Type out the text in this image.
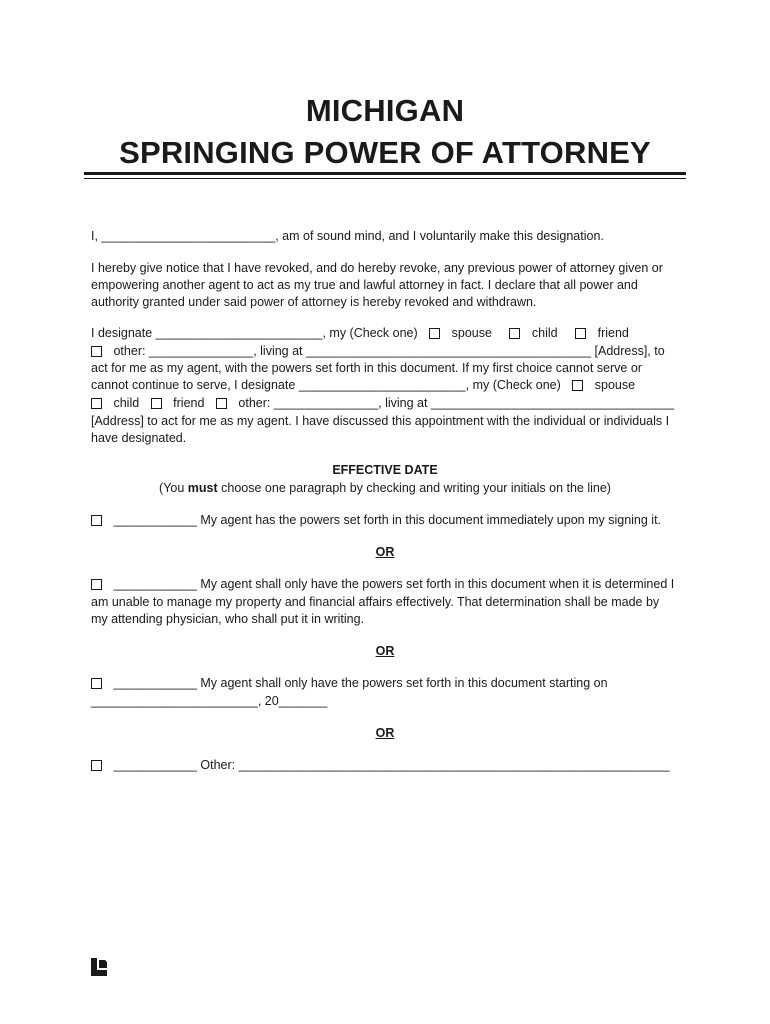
MICHIGAN
SPRINGING POWER OF ATTORNEY
I, _________________________, am of sound mind, and I voluntarily make this designation.
I hereby give notice that I have revoked, and do hereby revoke, any previous power of attorney given or
empowering another agent to act as my true and lawful attorney in fact. I declare that all power and
authority granted under said power of attorney is hereby revoked and withdrawn.
I designate ________________________, my (Check one)	spouse	child	friend
other: _______________, living at _________________________________________ [Address], to
act for me as my agent, with the powers set forth in this document. If my first choice cannot serve or
cannot continue to serve, I designate ________________________, my (Check one)	spouse
child	friend	other: _______________, living at ___________________________________
[Address] to act for me as my agent. I have discussed this appointment with the individual or individuals I
have designated.
EFFECTIVE DATE
(You must choose one paragraph by checking and writing your initials on the line)
____________ My agent has the powers set forth in this document immediately upon my signing it.
OR
____________ My agent shall only have the powers set forth in this document when it is determined I
am unable to manage my property and financial affairs effectively. That determination shall be made by
my attending physician, who shall put it in writing.
OR
____________ My agent shall only have the powers set forth in this document starting on
________________________, 20_______
OR
____________ Other: ______________________________________________________________
